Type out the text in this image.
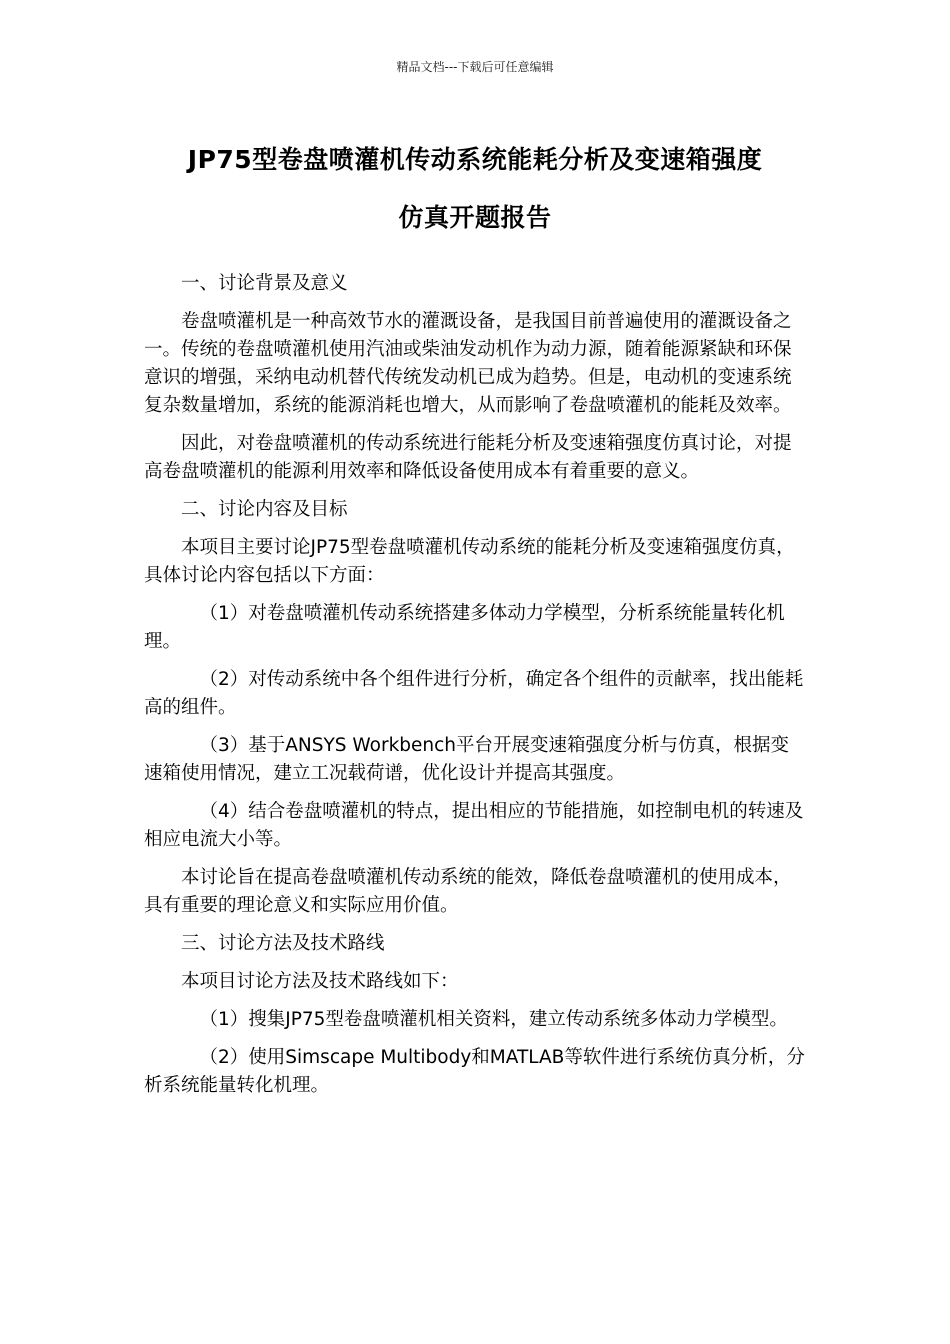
精品文档---下载后可任意编辑
JP75型卷盘喷灌机传动系统能耗分析及变速箱强度
仿真开题报告

一、讨论背景及意义

卷盘喷灌机是一种高效节水的灌溉设备，是我国目前普遍使用的灌溉设备之一。传统的卷盘喷灌机使用汽油或柴油发动机作为动力源，随着能源紧缺和环保意识的增强，采纳电动机替代传统发动机已成为趋势。但是，电动机的变速系统复杂数量增加，系统的能源消耗也增大，从而影响了卷盘喷灌机的能耗及效率。

因此，对卷盘喷灌机的传动系统进行能耗分析及变速箱强度仿真讨论，对提高卷盘喷灌机的能源利用效率和降低设备使用成本有着重要的意义。

二、讨论内容及目标

本项目主要讨论JP75型卷盘喷灌机传动系统的能耗分析及变速箱强度仿真，具体讨论内容包括以下方面：

（1）对卷盘喷灌机传动系统搭建多体动力学模型，分析系统能量转化机理。

（2）对传动系统中各个组件进行分析，确定各个组件的贡献率，找出能耗高的组件。

（3）基于ANSYS Workbench平台开展变速箱强度分析与仿真，根据变速箱使用情况，建立工况载荷谱，优化设计并提高其强度。

（4）结合卷盘喷灌机的特点，提出相应的节能措施，如控制电机的转速及相应电流大小等。

本讨论旨在提高卷盘喷灌机传动系统的能效，降低卷盘喷灌机的使用成本，具有重要的理论意义和实际应用价值。

三、讨论方法及技术路线

本项目讨论方法及技术路线如下：

（1）搜集JP75型卷盘喷灌机相关资料，建立传动系统多体动力学模型。

（2）使用Simscape Multibody和MATLAB等软件进行系统仿真分析，分析系统能量转化机理。
